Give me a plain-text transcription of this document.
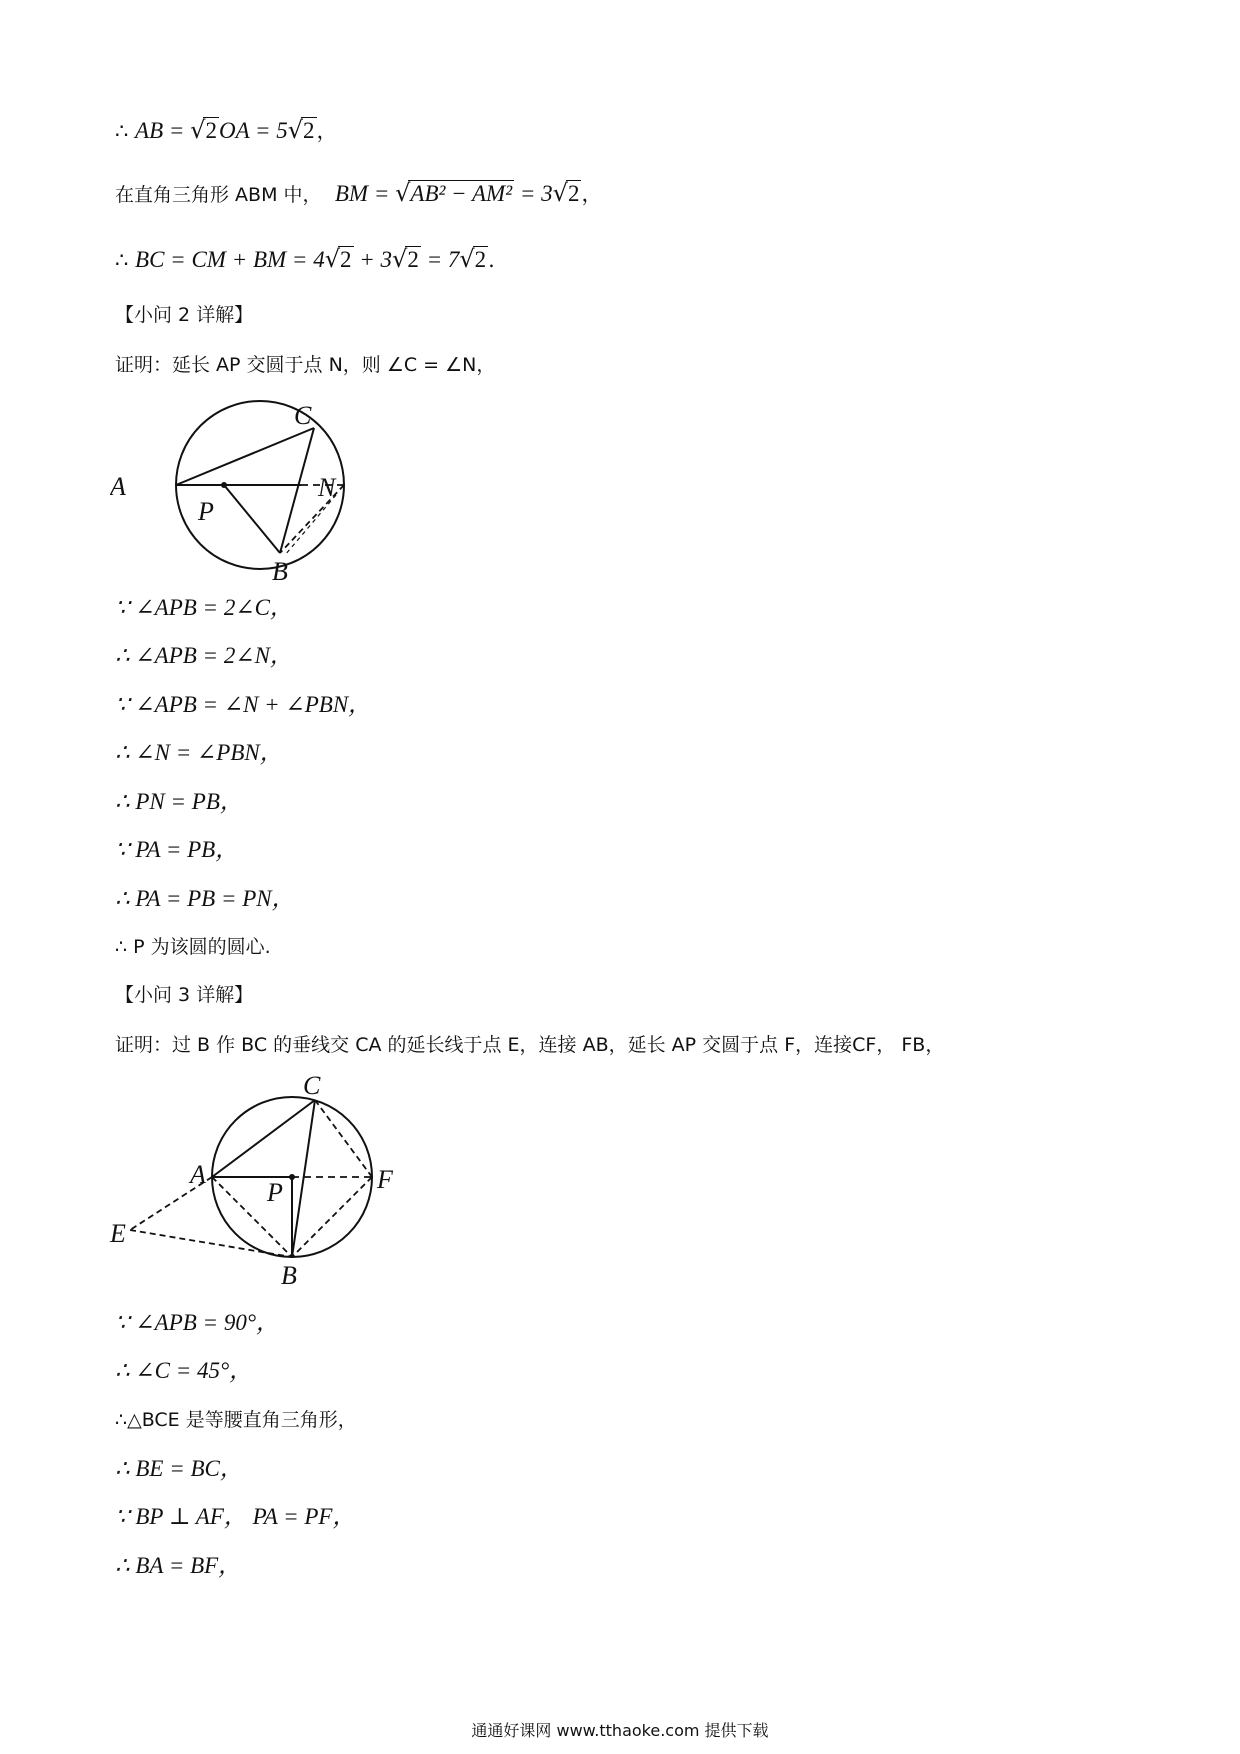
∴ AB = √2OA = 5√2，
在直角三角形 ABM 中， BM = √AB² − AM² = 3√2，
∴ BC = CM + BM = 4√2 + 3√2 = 7√2.
【小问 2 详解】
证明：延长 AP 交圆于点 N，则 ∠C = ∠N，
A
C
P
N
B
∵ ∠APB = 2∠C，
∴ ∠APB = 2∠N，
∵ ∠APB = ∠N + ∠PBN，
∴ ∠N = ∠PBN，
∴ PN = PB，
∵ PA = PB，
∴ PA = PB = PN，
∴ P 为该圆的圆心.
【小问 3 详解】
证明：过 B 作 BC 的垂线交 CA 的延长线于点 E，连接 AB，延长 AP 交圆于点 F，连接CF， FB，
C
A	F
P
E
B
∵ ∠APB = 90°，
∴ ∠C = 45°，
∴△BCE 是等腰直角三角形，
∴ BE = BC，
∵ BP ⊥ AF， PA = PF，
∴ BA = BF，
通通好课网 www.tthaoke.com 提供下载
